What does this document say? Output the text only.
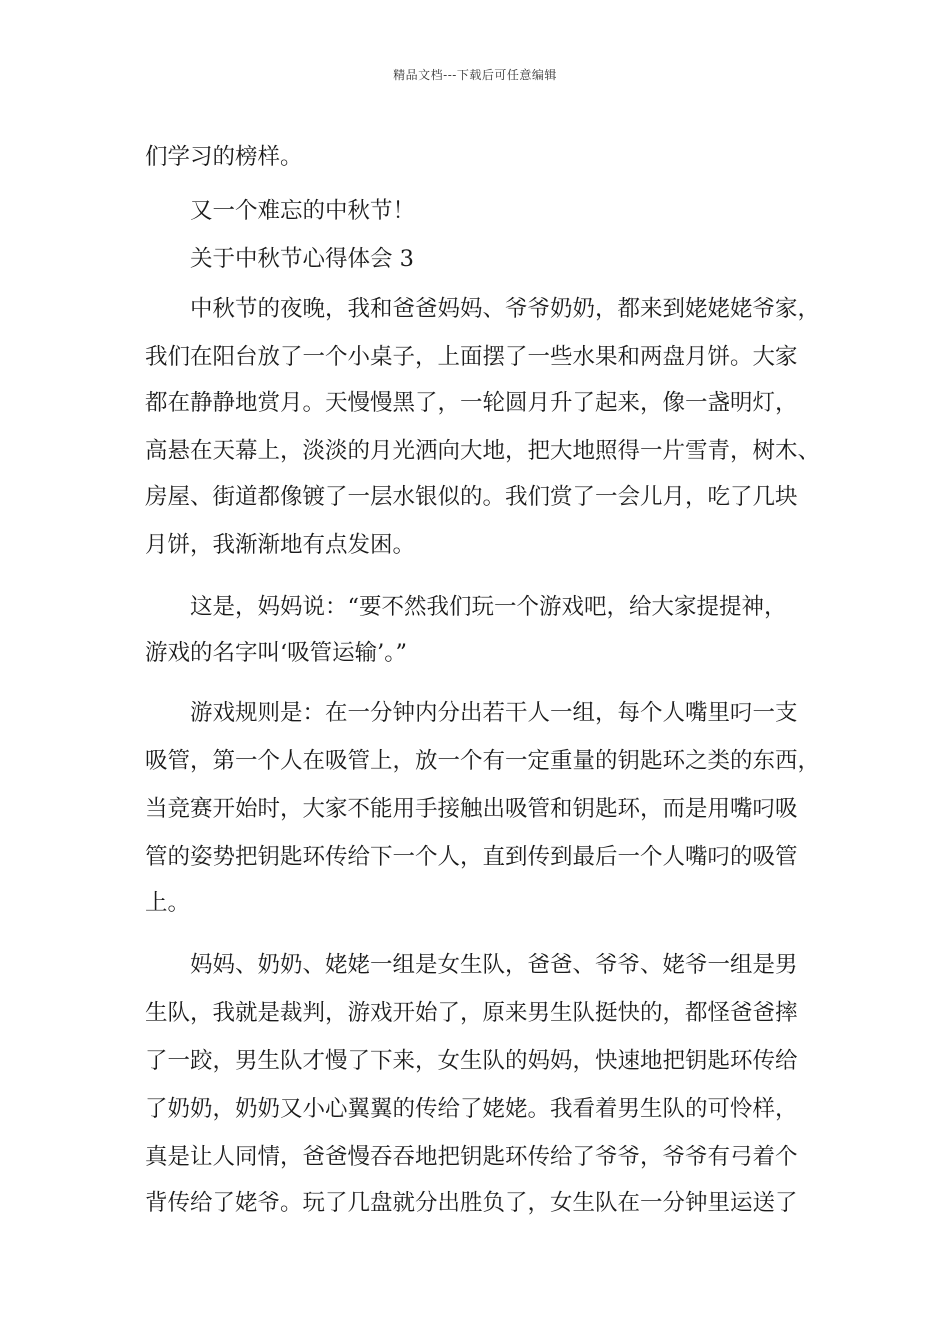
精品文档---下载后可任意编辑
们学习的榜样。
又一个难忘的中秋节！
关于中秋节心得体会 3
中秋节的夜晚，我和爸爸妈妈、爷爷奶奶，都来到姥姥姥爷家，
我们在阳台放了一个小桌子，上面摆了一些水果和两盘月饼。大家
都在静静地赏月。天慢慢黑了，一轮圆月升了起来，像一盏明灯，
高悬在天幕上，淡淡的月光洒向大地，把大地照得一片雪青，树木、
房屋、街道都像镀了一层水银似的。我们赏了一会儿月，吃了几块
月饼，我渐渐地有点发困。
这是，妈妈说：“要不然我们玩一个游戏吧，给大家提提神，
游戏的名字叫‘吸管运输’。”
游戏规则是：在一分钟内分出若干人一组，每个人嘴里叼一支
吸管，第一个人在吸管上，放一个有一定重量的钥匙环之类的东西，
当竞赛开始时，大家不能用手接触出吸管和钥匙环，而是用嘴叼吸
管的姿势把钥匙环传给下一个人，直到传到最后一个人嘴叼的吸管
上。
妈妈、奶奶、姥姥一组是女生队，爸爸、爷爷、姥爷一组是男
生队，我就是裁判，游戏开始了，原来男生队挺快的，都怪爸爸摔
了一跤，男生队才慢了下来，女生队的妈妈，快速地把钥匙环传给
了奶奶，奶奶又小心翼翼的传给了姥姥。我看着男生队的可怜样，
真是让人同情，爸爸慢吞吞地把钥匙环传给了爷爷，爷爷有弓着个
背传给了姥爷。玩了几盘就分出胜负了，女生队在一分钟里运送了
